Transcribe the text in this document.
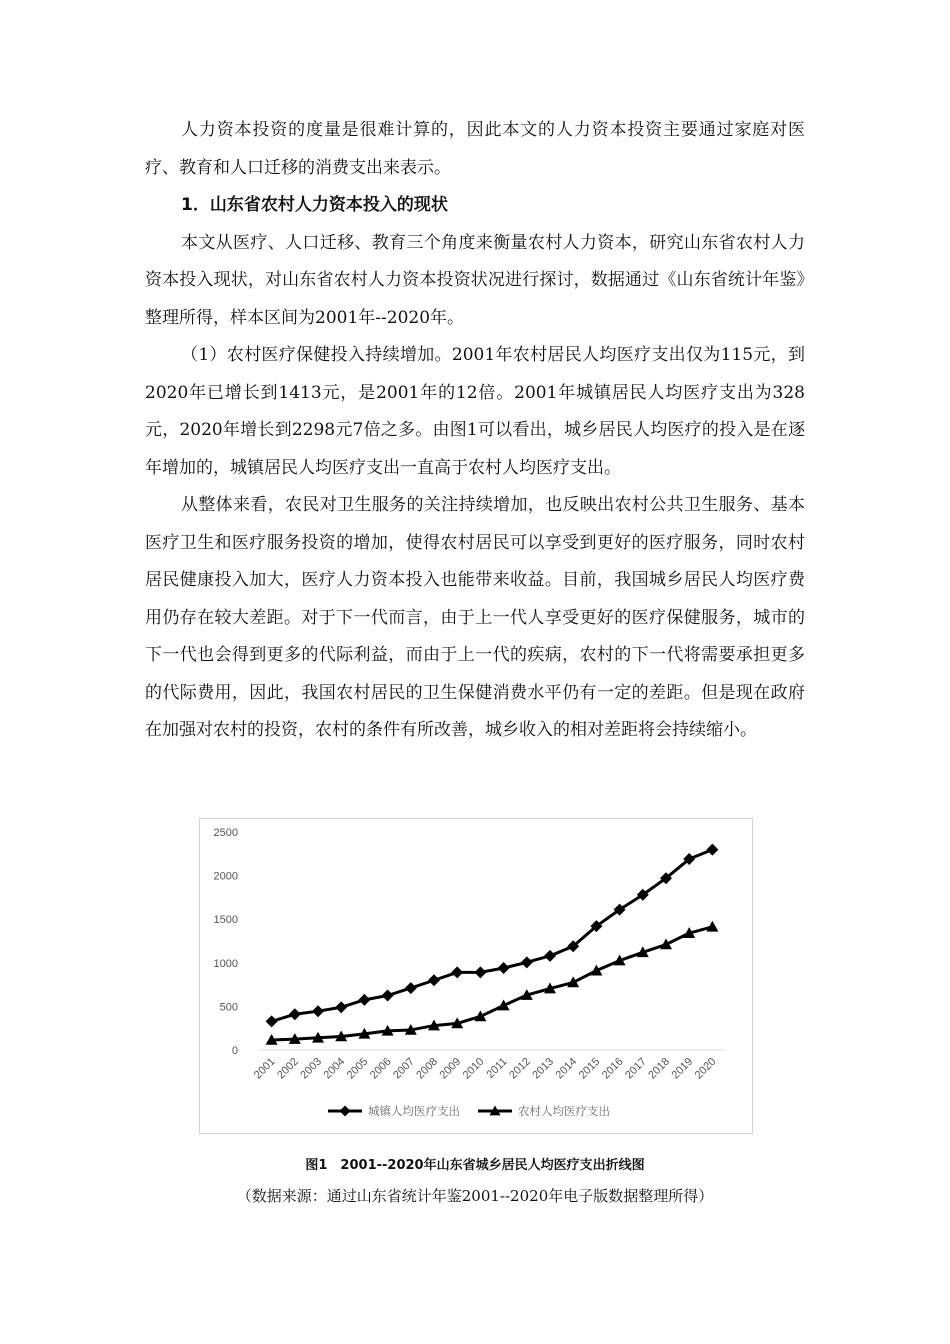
人力资本投资的度量是很难计算的，因此本文的人力资本投资主要通过家庭对医疗、教育和人口迁移的消费支出来表示。

1．山东省农村人力资本投入的现状

本文从医疗、人口迁移、教育三个角度来衡量农村人力资本，研究山东省农村人力资本投入现状，对山东省农村人力资本投资状况进行探讨，数据通过《山东省统计年鉴》整理所得，样本区间为2001年--2020年。

（1）农村医疗保健投入持续增加。2001年农村居民人均医疗支出仅为115元，到2020年已增长到1413元，是2001年的12倍。2001年城镇居民人均医疗支出为328元，2020年增长到2298元7倍之多。由图1可以看出，城乡居民人均医疗的投入是在逐年增加的，城镇居民人均医疗支出一直高于农村人均医疗支出。

从整体来看，农民对卫生服务的关注持续增加，也反映出农村公共卫生服务、基本医疗卫生和医疗服务投资的增加，使得农村居民可以享受到更好的医疗服务，同时农村居民健康投入加大，医疗人力资本投入也能带来收益。目前，我国城乡居民人均医疗费用仍存在较大差距。对于下一代而言，由于上一代人享受更好的医疗保健服务，城市的下一代也会得到更多的代际利益，而由于上一代的疾病，农村的下一代将需要承担更多的代际费用，因此，我国农村居民的卫生保健消费水平仍有一定的差距。但是现在政府在加强对农村的投资，农村的条件有所改善，城乡收入的相对差距将会持续缩小。

0
500
1000
1500
2000
2500
2001
2002
2003
2004
2005
2006
2007
2008
2009
2010
2011
2012
2013
2014
2015
2016
2017
2018
2019
2020
城镇人均医疗支出	农村人均医疗支出
图1　2001--2020年山东省城乡居民人均医疗支出折线图
（数据来源：通过山东省统计年鉴2001--2020年电子版数据整理所得）
